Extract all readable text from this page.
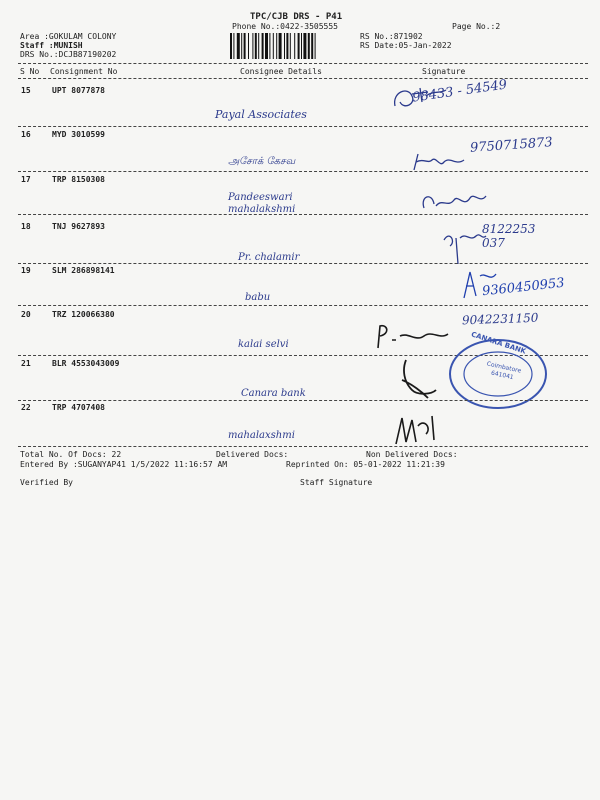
TPC/CJB DRS - P41
Phone No.:0422-3505555	Page No.:2
Area :GOKULAM COLONY
Staff :MUNISH
DRS No.:DCJB87190202
RS No.:871902
RS Date:05-Jan-2022
S No Consignment No	Consignee Details	Signature
15	UPT 8077878
Payal Associates
98433 - 54549
16	MYD 3010599
அசோக் கேசவ
9750715873
17	TRP 8150308
Pandeeswari mahalakshmi
18	TNJ 9627893
Pr. chalamir
8122253037
19	SLM 286898141
babu	9360450953
20	TRZ 120066380
kalai selvi
9042231150
21	BLR 4553043009
Canara bank
CANARA BANK
Coimbatore 641041
22	TRP 4707408
mahalaxshmi
Total No. Of Docs: 22	Delivered Docs:	Non Delivered Docs:
Entered By :SUGANYAP41 1/5/2022 11:16:57 AM	Reprinted On: 05-01-2022 11:21:39
Verified By	Staff Signature
